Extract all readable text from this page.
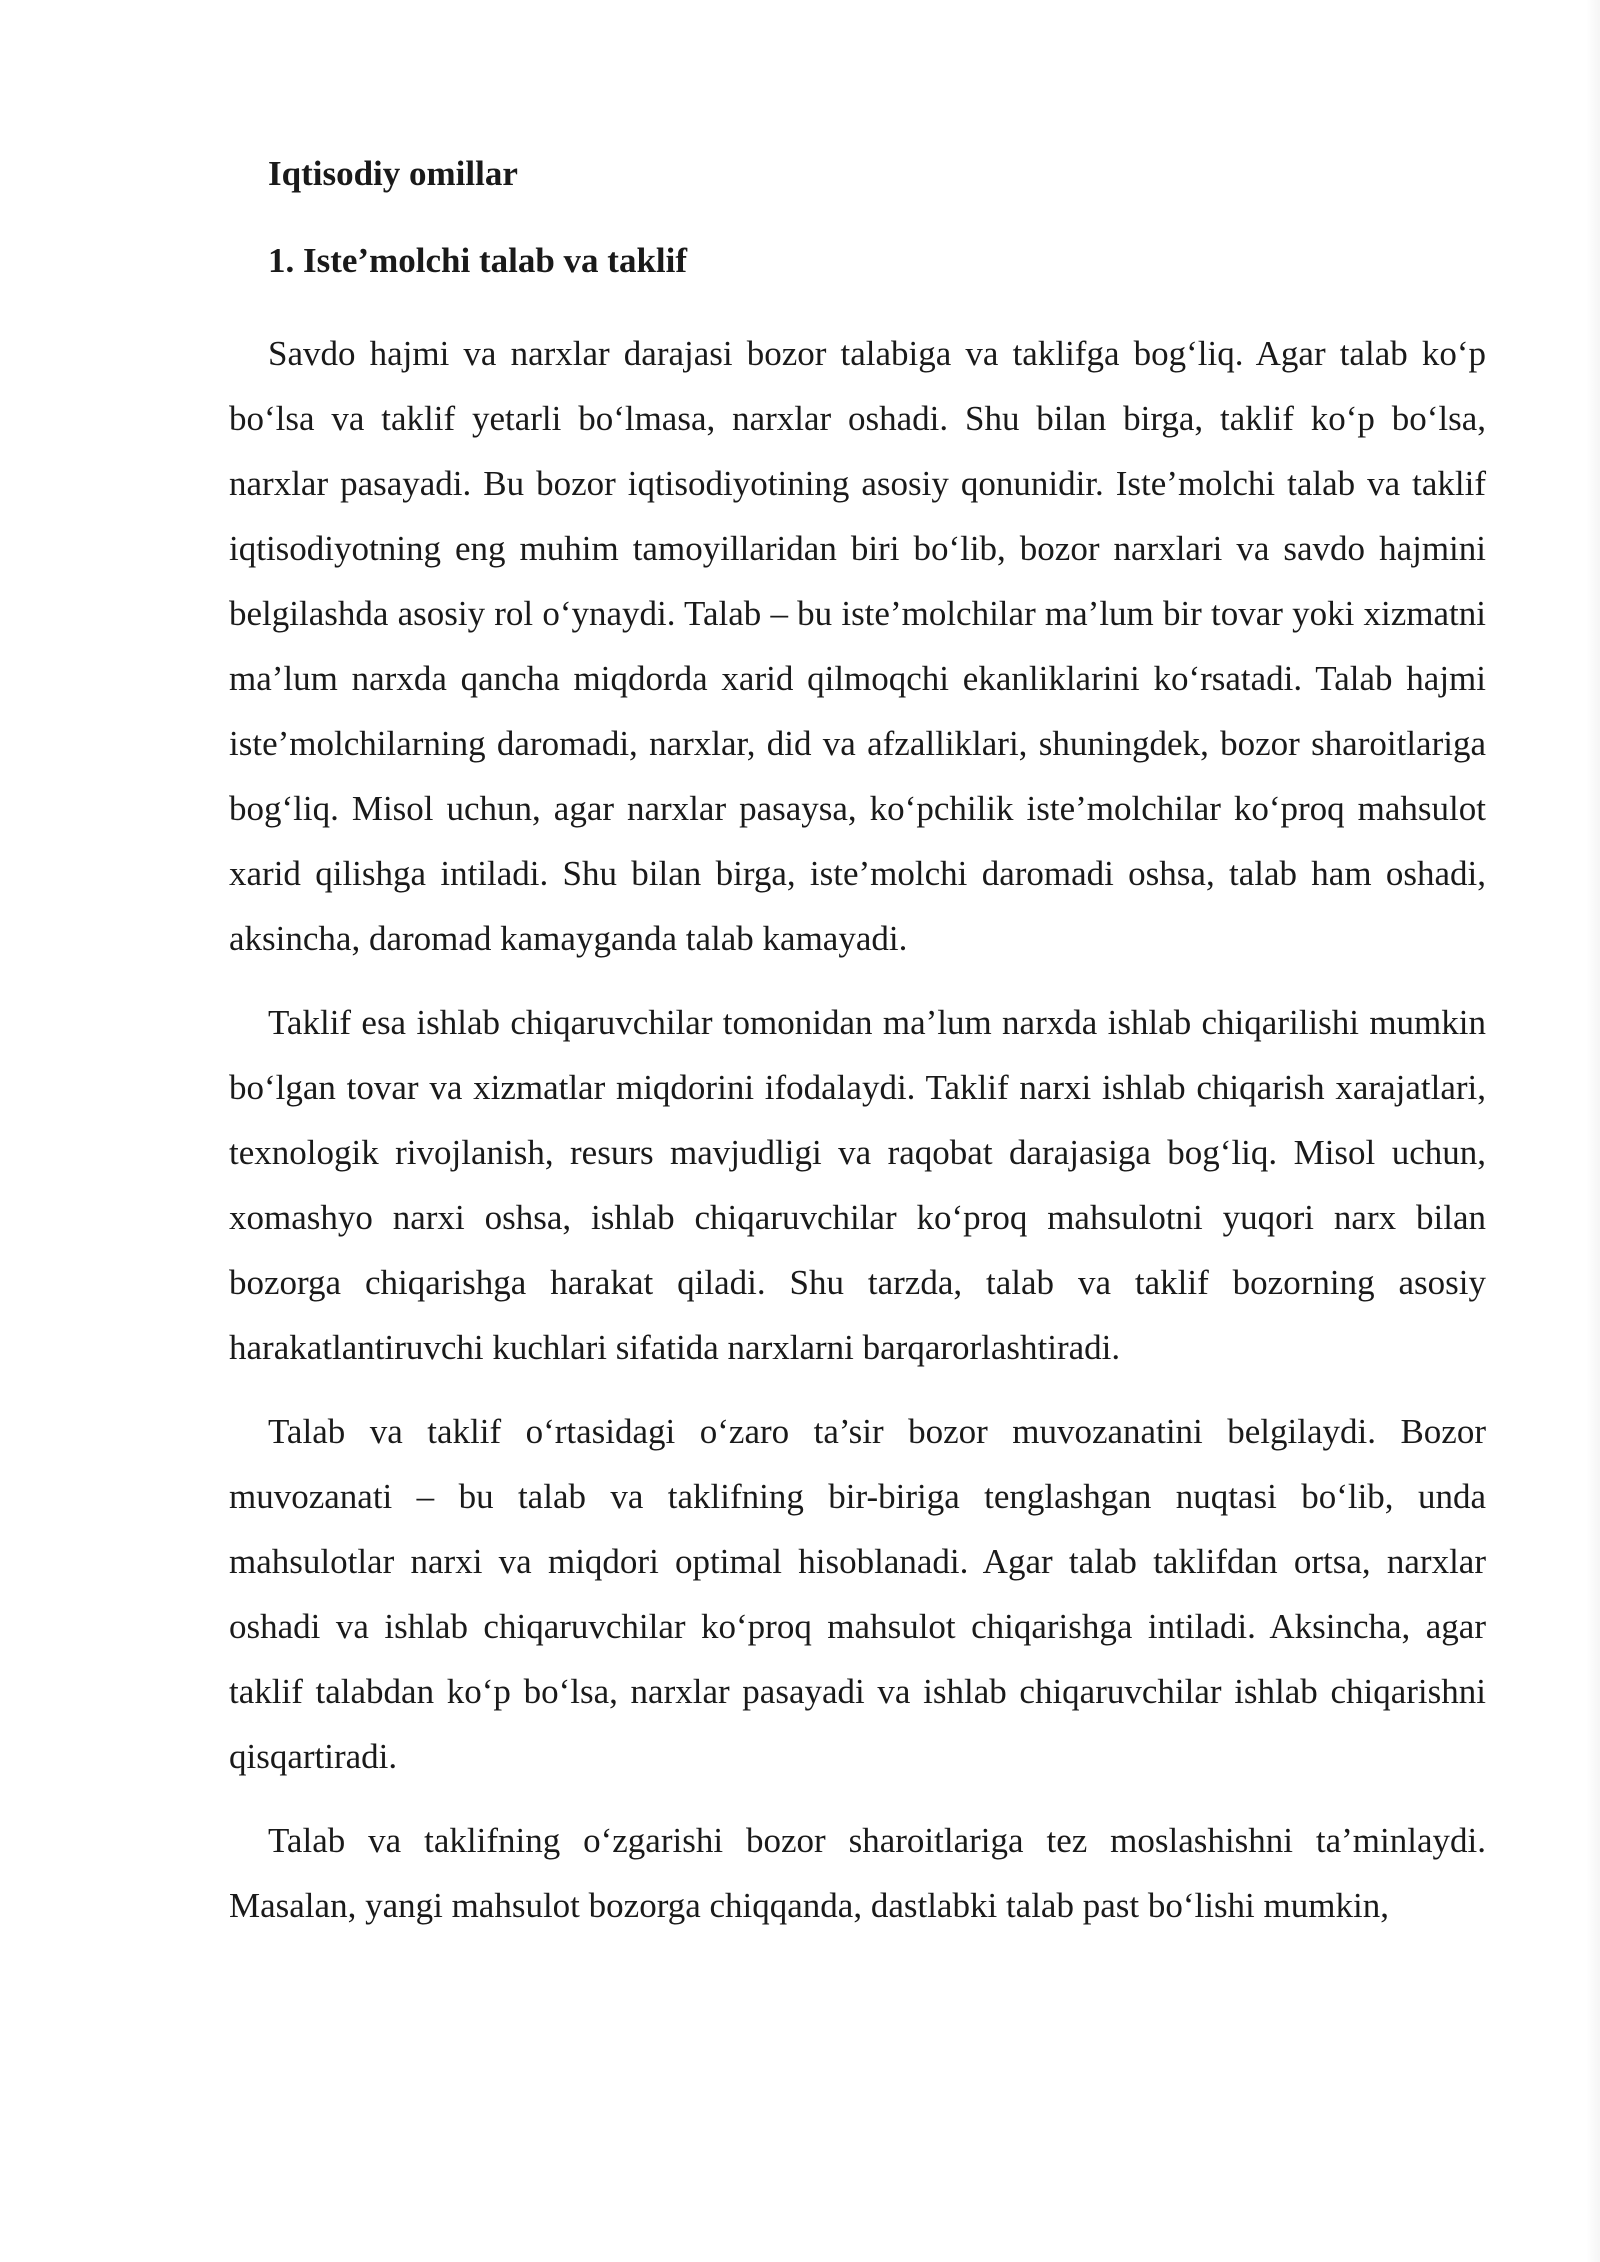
Iqtisodiy omillar

1. Iste’molchi talab va taklif

Savdo hajmi va narxlar darajasi bozor talabiga va taklifga bog‘liq. Agar talab ko‘p bo‘lsa va taklif yetarli bo‘lmasa, narxlar oshadi. Shu bilan birga, taklif ko‘p bo‘lsa, narxlar pasayadi. Bu bozor iqtisodiyotining asosiy qonunidir. Iste’molchi talab va taklif iqtisodiyotning eng muhim tamoyillaridan biri bo‘lib, bozor narxlari va savdo hajmini belgilashda asosiy rol o‘ynaydi. Talab – bu iste’molchilar ma’lum bir tovar yoki xizmatni ma’lum narxda qancha miqdorda xarid qilmoqchi ekanliklarini ko‘rsatadi. Talab hajmi iste’molchilarning daromadi, narxlar, did va afzalliklari, shuningdek, bozor sharoitlariga bog‘liq. Misol uchun, agar narxlar pasaysa, ko‘pchilik iste’molchilar ko‘proq mahsulot xarid qilishga intiladi. Shu bilan birga, iste’molchi daromadi oshsa, talab ham oshadi, aksincha, daromad kamayganda talab kamayadi.

Taklif esa ishlab chiqaruvchilar tomonidan ma’lum narxda ishlab chiqarilishi mumkin bo‘lgan tovar va xizmatlar miqdorini ifodalaydi. Taklif narxi ishlab chiqarish xarajatlari, texnologik rivojlanish, resurs mavjudligi va raqobat darajasiga bog‘liq. Misol uchun, xomashyo narxi oshsa, ishlab chiqaruvchilar ko‘proq mahsulotni yuqori narx bilan bozorga chiqarishga harakat qiladi. Shu tarzda, talab va taklif bozorning asosiy harakatlantiruvchi kuchlari sifatida narxlarni barqarorlashtiradi.

Talab va taklif o‘rtasidagi o‘zaro ta’sir bozor muvozanatini belgilaydi. Bozor muvozanati – bu talab va taklifning bir-biriga tenglashgan nuqtasi bo‘lib, unda mahsulotlar narxi va miqdori optimal hisoblanadi. Agar talab taklifdan ortsa, narxlar oshadi va ishlab chiqaruvchilar ko‘proq mahsulot chiqarishga intiladi. Aksincha, agar taklif talabdan ko‘p bo‘lsa, narxlar pasayadi va ishlab chiqaruvchilar ishlab chiqarishni qisqartiradi.

Talab va taklifning o‘zgarishi bozor sharoitlariga tez moslashishni ta’minlaydi. Masalan, yangi mahsulot bozorga chiqqanda, dastlabki talab past bo‘lishi mumkin,
